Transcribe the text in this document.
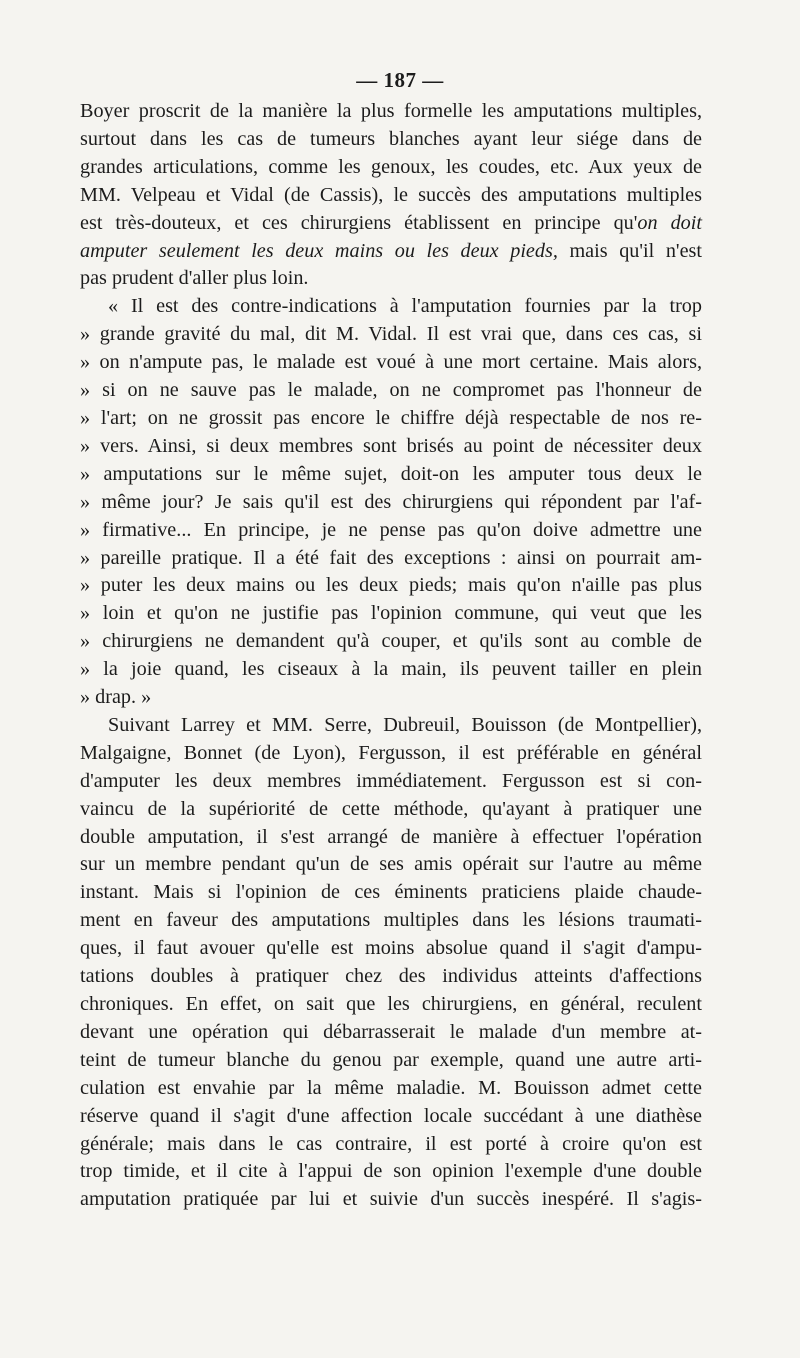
— 187 —
Boyer proscrit de la manière la plus formelle les amputations multiples,
surtout dans les cas de tumeurs blanches ayant leur siége dans de
grandes articulations, comme les genoux, les coudes, etc. Aux yeux de
MM. Velpeau et Vidal (de Cassis), le succès des amputations multiples
est très-douteux, et ces chirurgiens établissent en principe qu'on doit
amputer seulement les deux mains ou les deux pieds, mais qu'il n'est
pas prudent d'aller plus loin.
« Il est des contre-indications à l'amputation fournies par la trop
» grande gravité du mal, dit M. Vidal. Il est vrai que, dans ces cas, si
» on n'ampute pas, le malade est voué à une mort certaine. Mais alors,
» si on ne sauve pas le malade, on ne compromet pas l'honneur de
» l'art; on ne grossit pas encore le chiffre déjà respectable de nos re-
» vers. Ainsi, si deux membres sont brisés au point de nécessiter deux
» amputations sur le même sujet, doit-on les amputer tous deux le
» même jour? Je sais qu'il est des chirurgiens qui répondent par l'af-
» firmative... En principe, je ne pense pas qu'on doive admettre une
» pareille pratique. Il a été fait des exceptions : ainsi on pourrait am-
» puter les deux mains ou les deux pieds; mais qu'on n'aille pas plus
» loin et qu'on ne justifie pas l'opinion commune, qui veut que les
» chirurgiens ne demandent qu'à couper, et qu'ils sont au comble de
» la joie quand, les ciseaux à la main, ils peuvent tailler en plein
» drap. »
Suivant Larrey et MM. Serre, Dubreuil, Bouisson (de Montpellier),
Malgaigne, Bonnet (de Lyon), Fergusson, il est préférable en général
d'amputer les deux membres immédiatement. Fergusson est si con-
vaincu de la supériorité de cette méthode, qu'ayant à pratiquer une
double amputation, il s'est arrangé de manière à effectuer l'opération
sur un membre pendant qu'un de ses amis opérait sur l'autre au même
instant. Mais si l'opinion de ces éminents praticiens plaide chaude-
ment en faveur des amputations multiples dans les lésions traumati-
ques, il faut avouer qu'elle est moins absolue quand il s'agit d'ampu-
tations doubles à pratiquer chez des individus atteints d'affections
chroniques. En effet, on sait que les chirurgiens, en général, reculent
devant une opération qui débarrasserait le malade d'un membre at-
teint de tumeur blanche du genou par exemple, quand une autre arti-
culation est envahie par la même maladie. M. Bouisson admet cette
réserve quand il s'agit d'une affection locale succédant à une diathèse
générale; mais dans le cas contraire, il est porté à croire qu'on est
trop timide, et il cite à l'appui de son opinion l'exemple d'une double
amputation pratiquée par lui et suivie d'un succès inespéré. Il s'agis-
